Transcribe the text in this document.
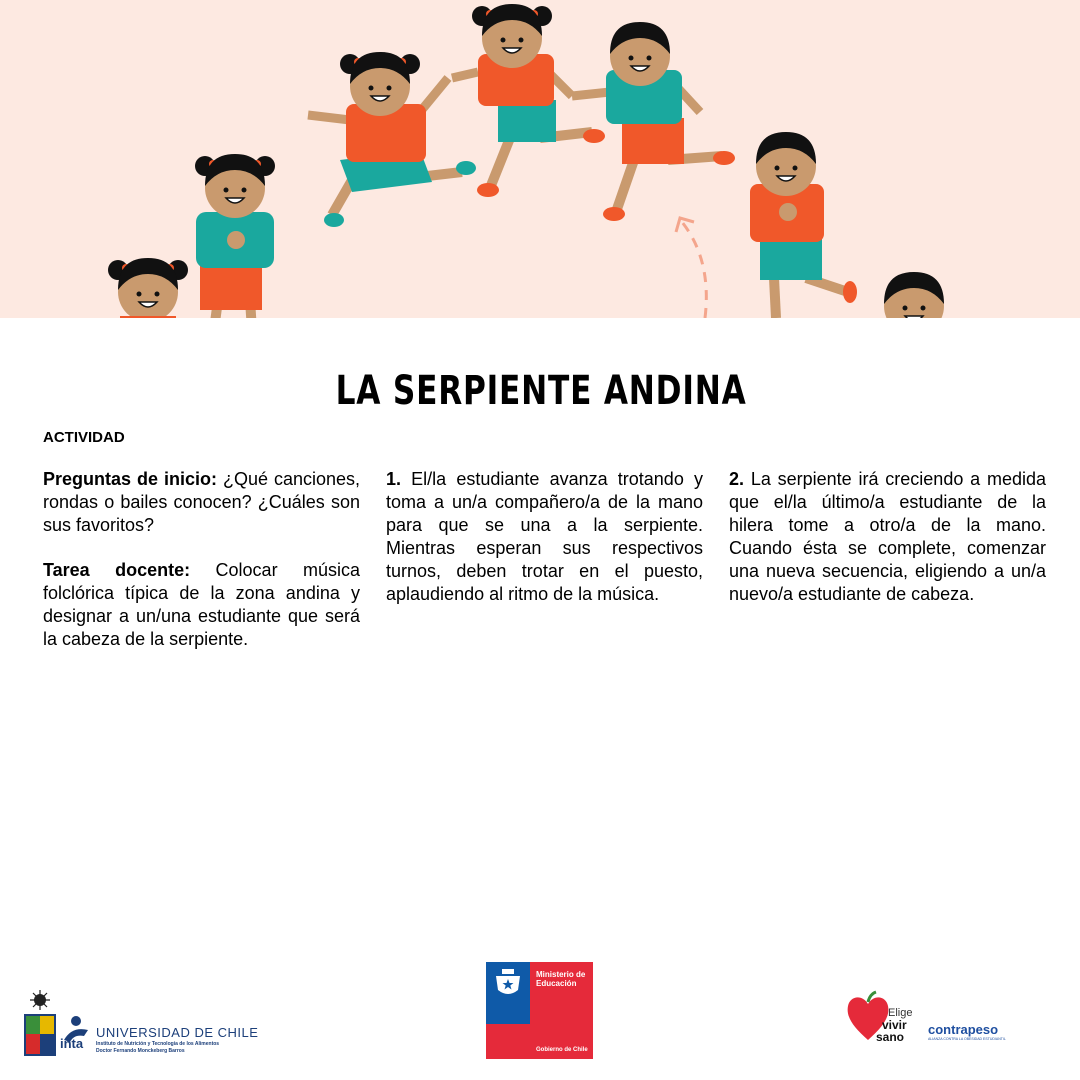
LA SERPIENTE ANDINA
ACTIVIDAD

Preguntas de inicio: ¿Qué canciones, rondas o bailes conocen? ¿Cuáles son sus favoritos?

Tarea docente: Colocar música folclórica típica de la zona andina y designar a un/una estudiante que será la cabeza de la serpiente.

1. El/la estudiante avanza trotando y toma a un/a compañero/a de la mano para que se una a la serpiente. Mientras esperan sus respectivos turnos, deben trotar en el puesto, aplaudiendo al ritmo de la música.

2. La serpiente irá creciendo a medida que el/la último/a estudiante de la hilera tome a otro/a de la mano. Cuando ésta se complete, comenzar una nueva secuencia, eligiendo a un/a nuevo/a estudiante de cabeza.

inta
UNIVERSIDAD DE CHILE
Instituto de Nutrición y Tecnología de los Alimentos
Doctor Fernando Monckeberg Barros
Ministerio de Educación
Gobierno de Chile
Elige
vivir
sano contrapeso
ALIANZA CONTRA LA OBESIDAD ESTUDIANTIL
